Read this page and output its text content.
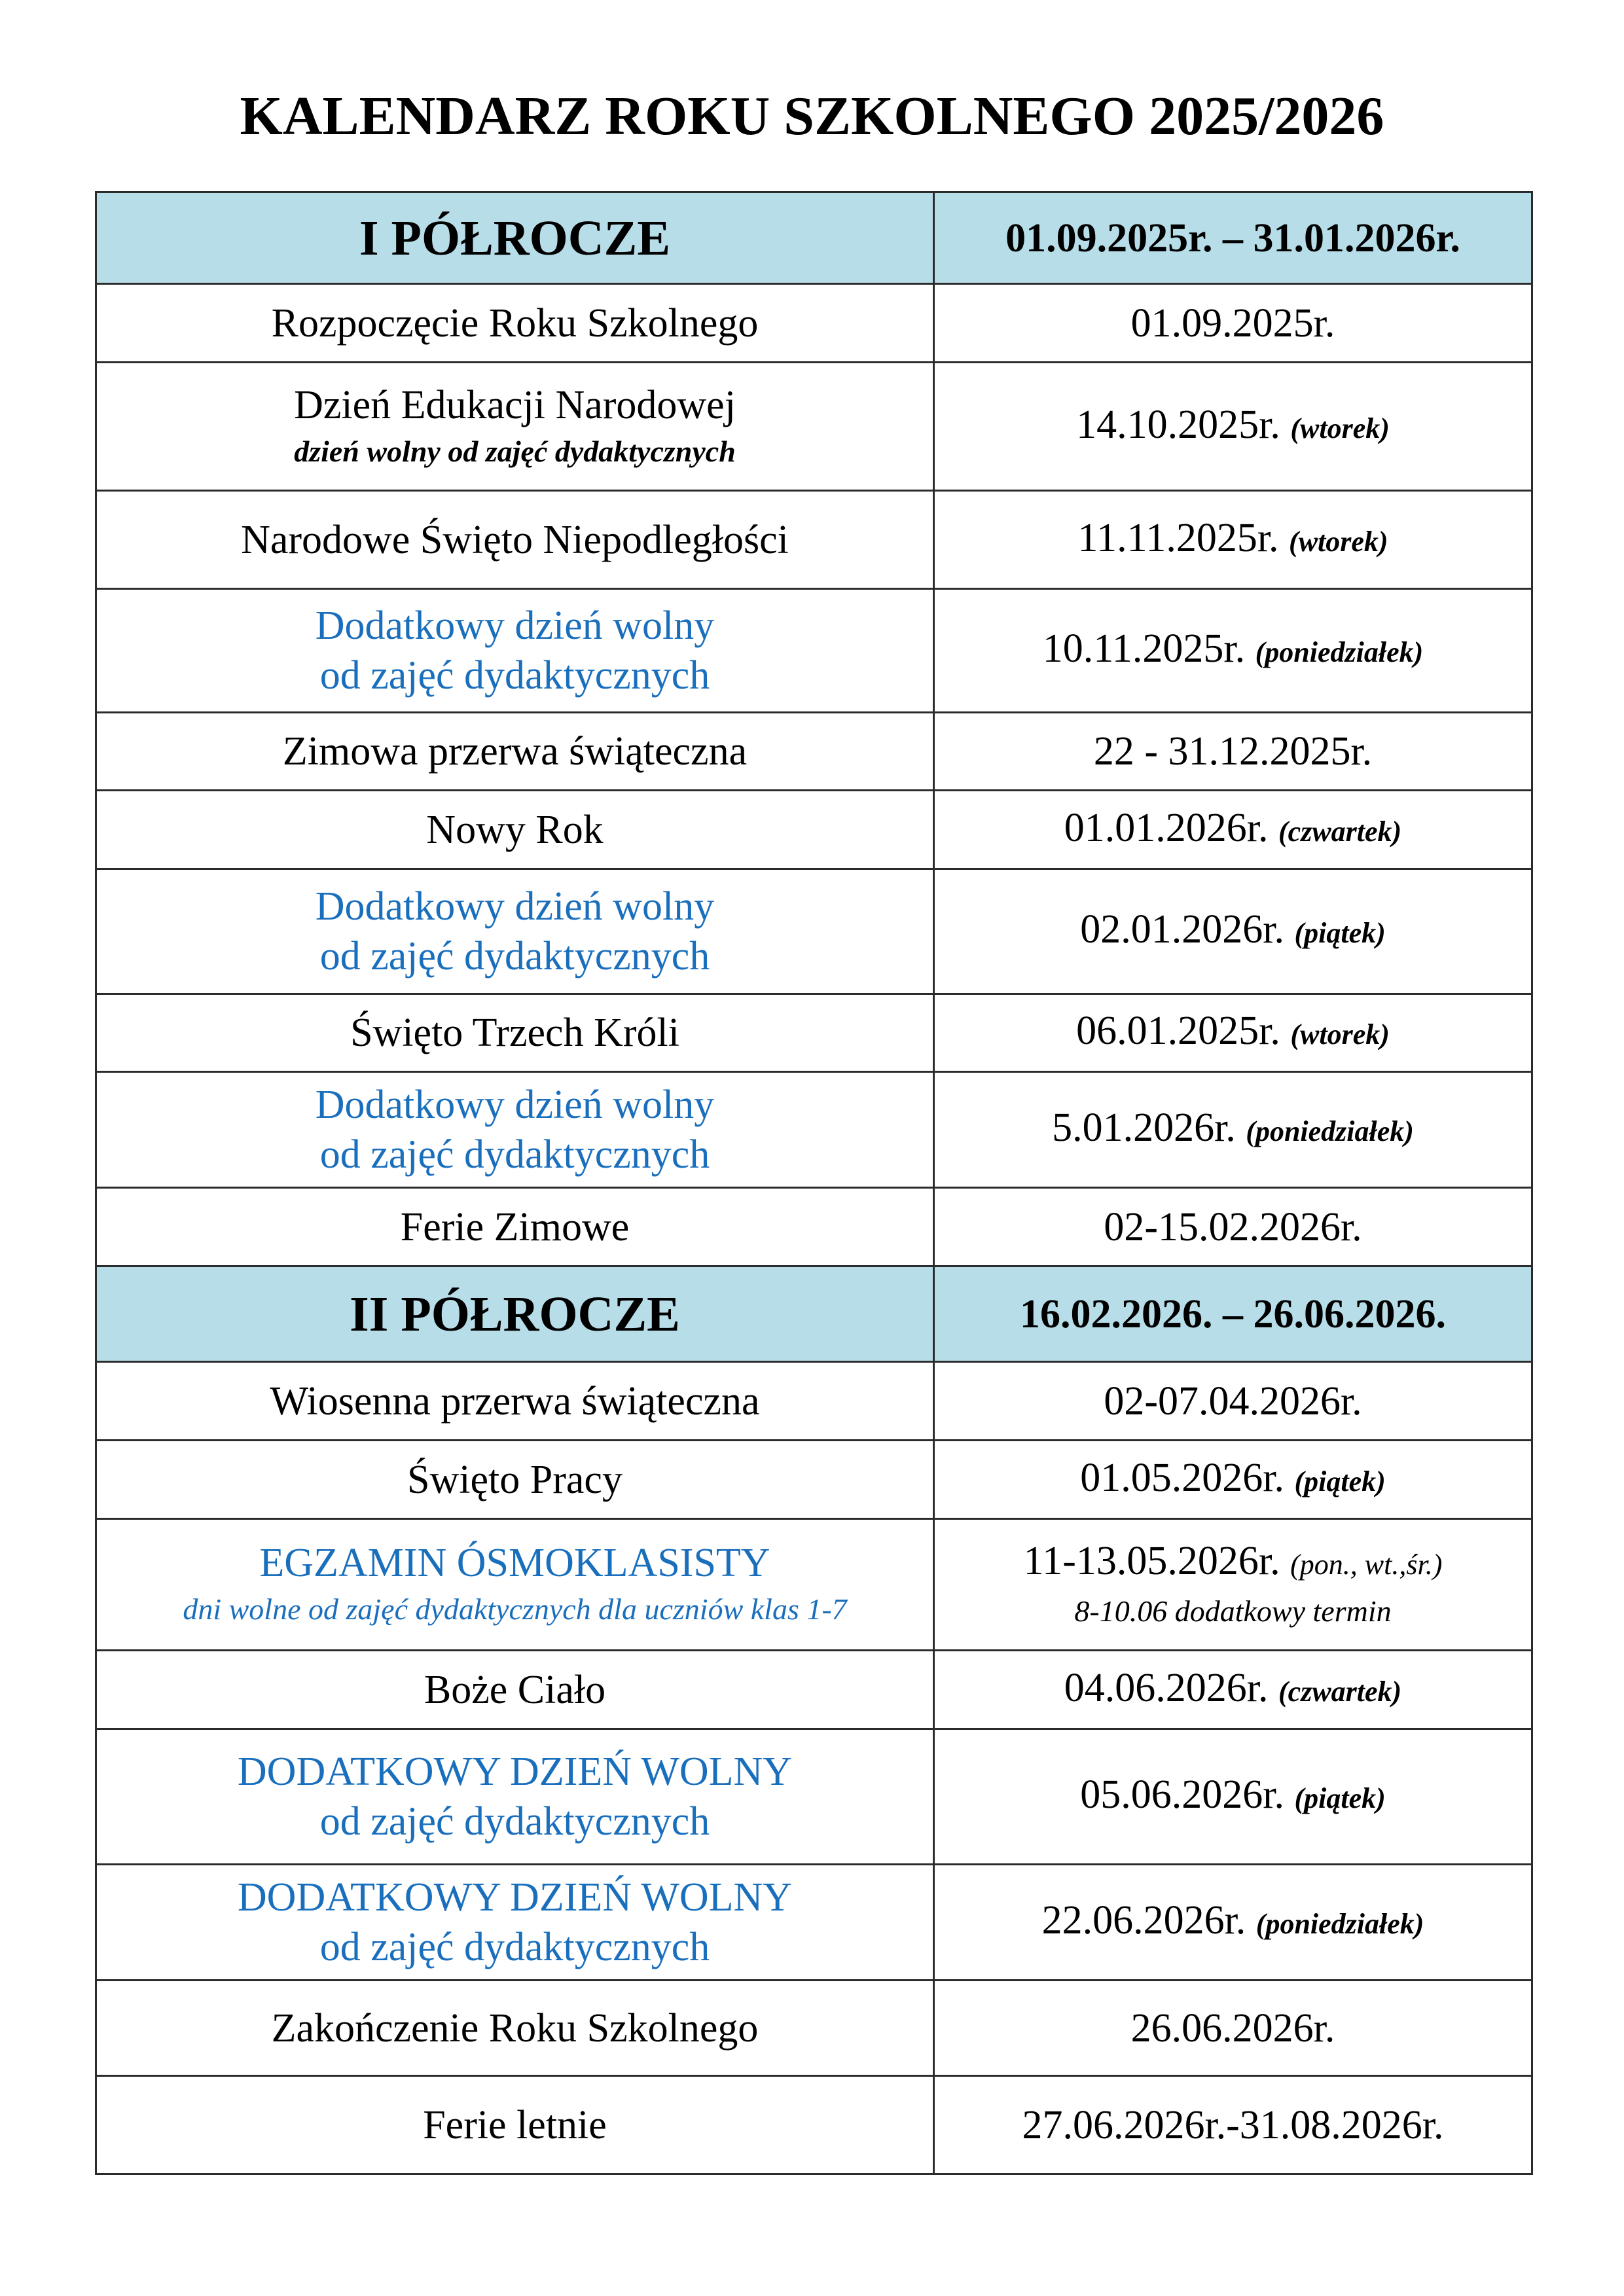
KALENDARZ ROKU SZKOLNEGO 2025/2026
I PÓŁROCZE	01.09.2025r. – 31.01.2026r.
Rozpoczęcie Roku Szkolnego	01.09.2025r.

Dzień Edukacji Narodowej
dzień wolny od zajęć dydaktycznych	14.10.2025r. (wtorek)
Narodowe Święto Niepodległości	11.11.2025r. (wtorek)

Dodatkowy dzień wolny
od zajęć dydaktycznych	10.11.2025r. (poniedziałek)
Zimowa przerwa świąteczna	22 - 31.12.2025r.
Nowy Rok	01.01.2026r. (czwartek)

Dodatkowy dzień wolny
od zajęć dydaktycznych	02.01.2026r. (piątek)
Święto Trzech Króli	06.01.2025r. (wtorek)

Dodatkowy dzień wolny
od zajęć dydaktycznych	5.01.2026r. (poniedziałek)
Ferie Zimowe	02-15.02.2026r.
II PÓŁROCZE	16.02.2026. – 26.06.2026.
Wiosenna przerwa świąteczna	02-07.04.2026r.
Święto Pracy	01.05.2026r. (piątek)

EGZAMIN ÓSMOKLASISTY
dni wolne od zajęć dydaktycznych dla uczniów klas 1-7	11-13.05.2026r. (pon., wt.,śr.)
8-10.06 dodatkowy termin

Boże Ciało	04.06.2026r. (czwartek)

DODATKOWY DZIEŃ WOLNY
od zajęć dydaktycznych	05.06.2026r. (piątek)

DODATKOWY DZIEŃ WOLNY
od zajęć dydaktycznych	22.06.2026r. (poniedziałek)
Zakończenie Roku Szkolnego	26.06.2026r.
Ferie letnie	27.06.2026r.-31.08.2026r.
